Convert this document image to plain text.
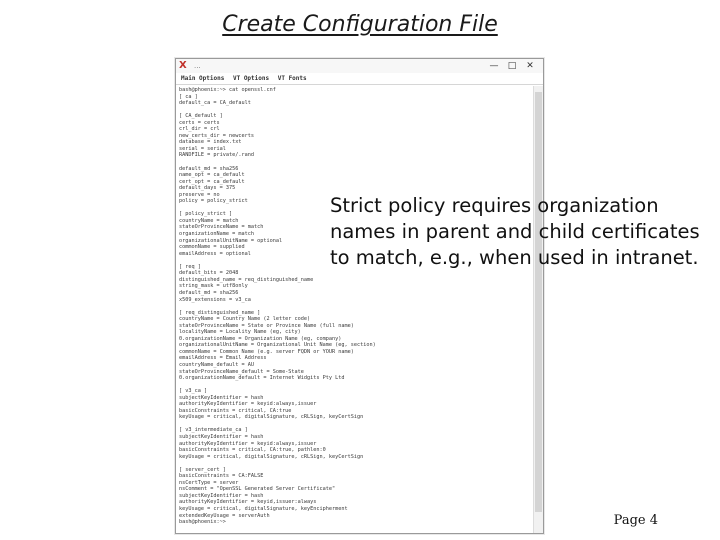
Create Configuration File
X ...	— □ ✕
Main Options VT Options VT Fonts
bash@phoenix:~> cat openssl.cnf
[ ca ]
default_ca = CA_default

[ CA_default ]
certs = certs
crl_dir = crl
new_certs_dir = newcerts
database = index.txt
serial = serial
RANDFILE = private/.rand

default_md = sha256
name_opt = ca_default
cert_opt = ca_default
default_days = 375
preserve = no
policy = policy_strict

[ policy_strict ]
countryName = match
stateOrProvinceName = match
organizationName = match
organizationalUnitName = optional
commonName = supplied
emailAddress = optional

[ req ]
default_bits = 2048
distinguished_name = req_distinguished_name
string_mask = utf8only
default_md = sha256
x509_extensions = v3_ca

[ req_distinguished_name ]
countryName = Country Name (2 letter code)
stateOrProvinceName = State or Province Name (full name)
localityName = Locality Name (eg, city)
0.organizationName = Organization Name (eg, company)
organizationalUnitName = Organizational Unit Name (eg, section)
commonName = Common Name (e.g. server FQDN or YOUR name)
emailAddress = Email Address
countryName_default = AU
stateOrProvinceName_default = Some-State
0.organizationName_default = Internet Widgits Pty Ltd

[ v3_ca ]
subjectKeyIdentifier = hash
authorityKeyIdentifier = keyid:always,issuer
basicConstraints = critical, CA:true
keyUsage = critical, digitalSignature, cRLSign, keyCertSign

[ v3_intermediate_ca ]
subjectKeyIdentifier = hash
authorityKeyIdentifier = keyid:always,issuer
basicConstraints = critical, CA:true, pathlen:0
keyUsage = critical, digitalSignature, cRLSign, keyCertSign

[ server_cert ]
basicConstraints = CA:FALSE
nsCertType = server
nsComment = "OpenSSL Generated Server Certificate"
subjectKeyIdentifier = hash
authorityKeyIdentifier = keyid,issuer:always
keyUsage = critical, digitalSignature, keyEncipherment
extendedKeyUsage = serverAuth
bash@phoenix:~>
Strict policy requires organization names in parent and child certificates to match, e.g., when used in intranet.
Page 4
